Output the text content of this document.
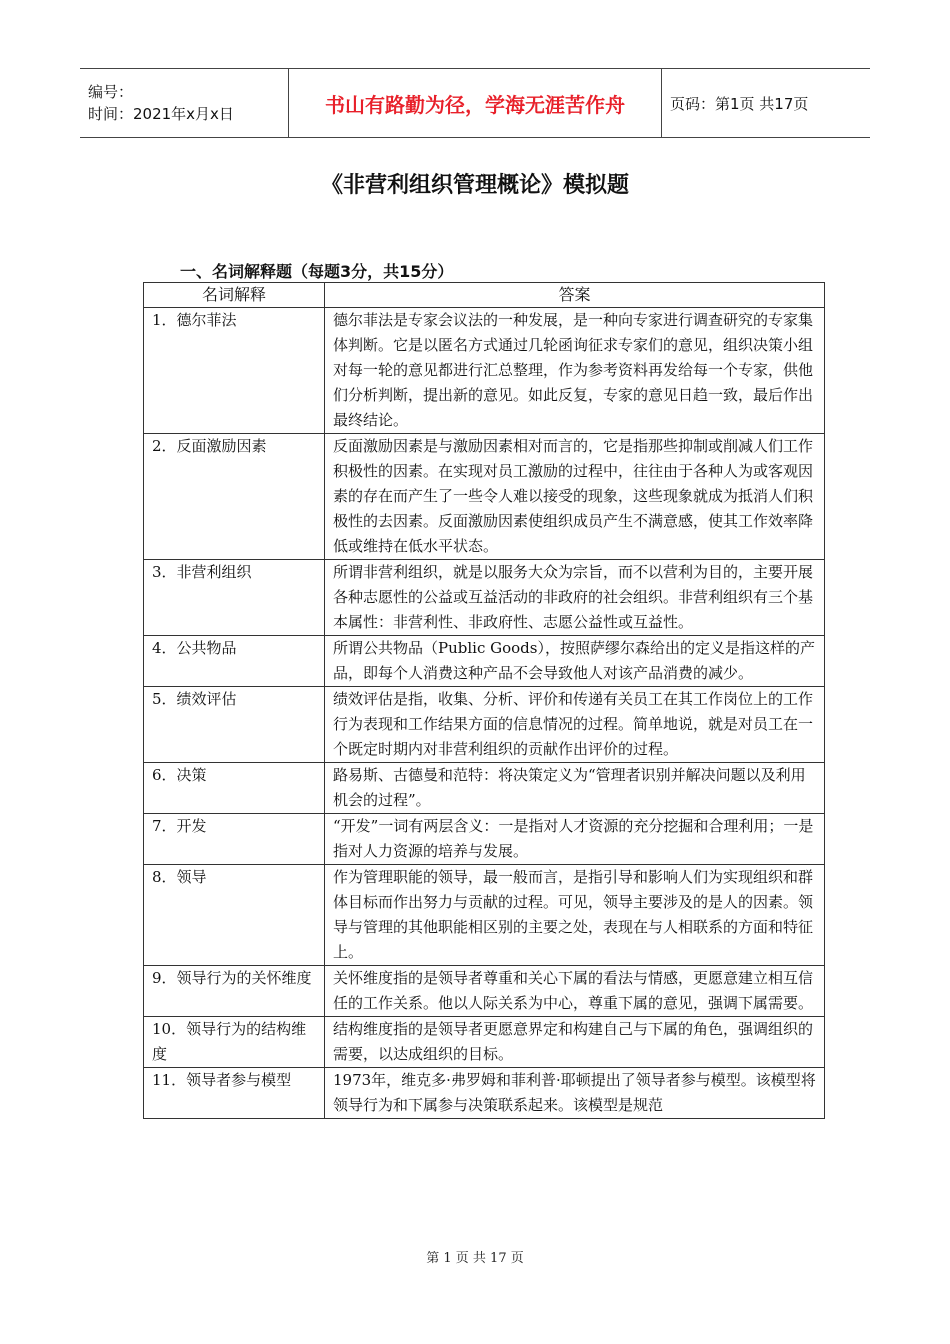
编号：
时间：2021年x月x日	书山有路勤为径，学海无涯苦作舟	页码：第1页 共17页
《非营利组织管理概论》模拟题
一、名词解释题（每题3分，共15分）
名词解释	答案
1．德尔菲法	德尔菲法是专家会议法的一种发展，是一种向专家进行调查研究的专家集体判断。它是以匿名方式通过几轮函询征求专家们的意见，组织决策小组对每一轮的意见都进行汇总整理，作为参考资料再发给每一个专家，供他们分析判断，提出新的意见。如此反复，专家的意见日趋一致，最后作出最终结论。
2．反面激励因素	反面激励因素是与激励因素相对而言的，它是指那些抑制或削减人们工作积极性的因素。在实现对员工激励的过程中，往往由于各种人为或客观因素的存在而产生了一些令人难以接受的现象，这些现象就成为抵消人们积极性的去因素。反面激励因素使组织成员产生不满意感，使其工作效率降低或维持在低水平状态。
3．非营利组织	所谓非营利组织，就是以服务大众为宗旨，而不以营利为目的，主要开展各种志愿性的公益或互益活动的非政府的社会组织。非营利组织有三个基本属性：非营利性、非政府性、志愿公益性或互益性。
4．公共物品	所谓公共物品（Public Goods），按照萨缪尔森给出的定义是指这样的产品，即每个人消费这种产品不会导致他人对该产品消费的减少。
5．绩效评估	绩效评估是指，收集、分析、评价和传递有关员工在其工作岗位上的工作行为表现和工作结果方面的信息情况的过程。简单地说，就是对员工在一个既定时期内对非营利组织的贡献作出评价的过程。
6．决策	路易斯、古德曼和范特：将决策定义为“管理者识别并解决问题以及利用机会的过程”。
7．开发	“开发”一词有两层含义：一是指对人才资源的充分挖掘和合理利用；一是指对人力资源的培养与发展。
8．领导	作为管理职能的领导，最一般而言，是指引导和影响人们为实现组织和群体目标而作出努力与贡献的过程。可见，领导主要涉及的是人的因素。领导与管理的其他职能相区别的主要之处，表现在与人相联系的方面和特征上。
9．领导行为的关怀维度	关怀维度指的是领导者尊重和关心下属的看法与情感，更愿意建立相互信任的工作关系。他以人际关系为中心，尊重下属的意见，强调下属需要。
10．领导行为的结构维度	结构维度指的是领导者更愿意界定和构建自己与下属的角色，强调组织的需要，以达成组织的目标。
11．领导者参与模型	1973年，维克多·弗罗姆和菲利普·耶顿提出了领导者参与模型。该模型将领导行为和下属参与决策联系起来。该模型是规范
第 1 页 共 17 页
